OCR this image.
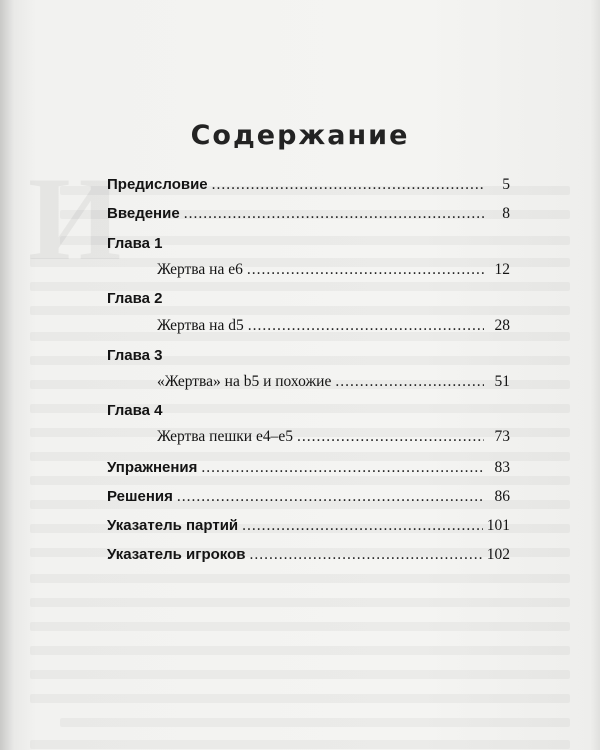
Содержание
Предисловие .....	5
Введение .....	8
Глава 1
Жертва на е6 .....	12
Глава 2
Жертва на d5 .....	28
Глава 3
«Жертва» на b5 и похожие .....	51
Глава 4
Жертва пешки е4–е5 .....	73
Упражнения .....	83
Решения .....	86
Указатель партий .....	101
Указатель игроков .....	102
